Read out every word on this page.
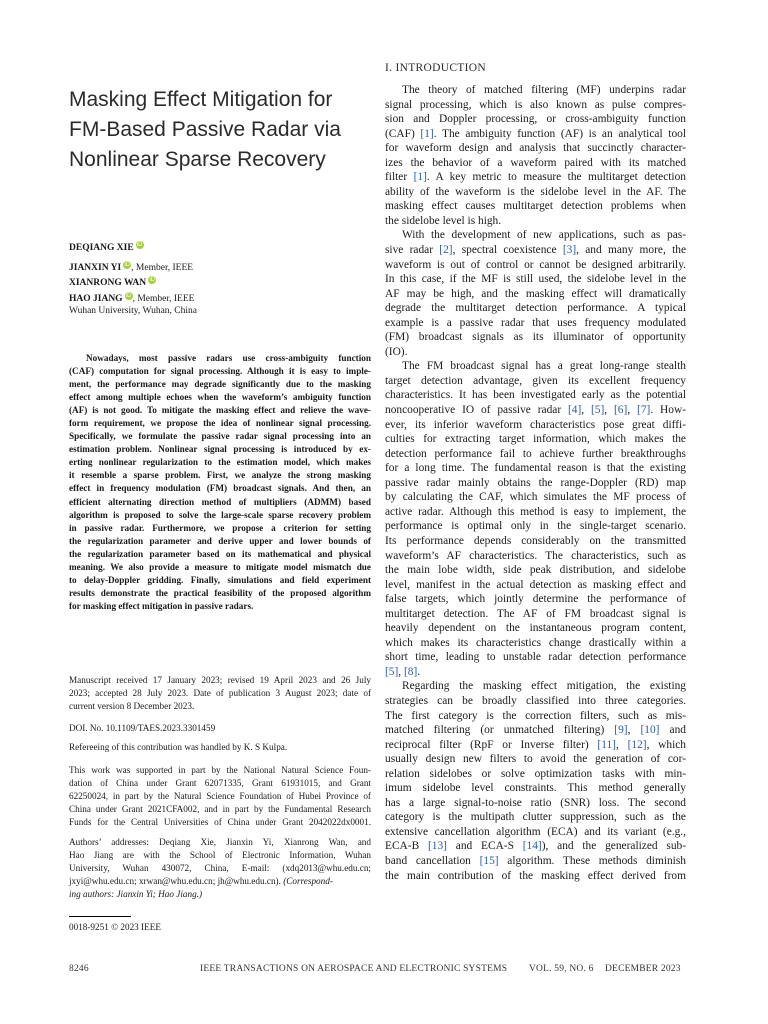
Masking Effect Mitigation for
FM-Based Passive Radar via
Nonlinear Sparse Recovery
DEQIANG XIE iD
JIANXIN YI iD, Member, IEEE
XIANRONG WAN iD
HAO JIANG iD, Member, IEEE
Wuhan University, Wuhan, China
Nowadays, most passive radars use cross-ambiguity function
(CAF) computation for signal processing. Although it is easy to imple-
ment, the performance may degrade significantly due to the masking
effect among multiple echoes when the waveform’s ambiguity function
(AF) is not good. To mitigate the masking effect and relieve the wave-
form requirement, we propose the idea of nonlinear signal processing.
Specifically, we formulate the passive radar signal processing into an
estimation problem. Nonlinear signal processing is introduced by ex-
erting nonlinear regularization to the estimation model, which makes
it resemble a sparse problem. First, we analyze the strong masking
effect in frequency modulation (FM) broadcast signals. And then, an
efficient alternating direction method of multipliers (ADMM) based
algorithm is proposed to solve the large-scale sparse recovery problem
in passive radar. Furthermore, we propose a criterion for setting
the regularization parameter and derive upper and lower bounds of
the regularization parameter based on its mathematical and physical
meaning. We also provide a measure to mitigate model mismatch due
to delay-Doppler gridding. Finally, simulations and field experiment
results demonstrate the practical feasibility of the proposed algorithm
for masking effect mitigation in passive radars.
Manuscript received 17 January 2023; revised 19 April 2023 and 26 July
2023; accepted 28 July 2023. Date of publication 3 August 2023; date of
current version 8 December 2023.
DOI. No. 10.1109/TAES.2023.3301459
Refereeing of this contribution was handled by K. S Kulpa.
This work was supported in part by the National Natural Science Foun-
dation of China under Grant 62071335, Grant 61931015, and Grant
62250024, in part by the Natural Science Foundation of Hubei Province of
China under Grant 2021CFA002, and in part by the Fundamental Research
Funds for the Central Universities of China under Grant 2042022dx0001.
Authors’ addresses: Deqiang Xie, Jianxin Yi, Xianrong Wan, and
Hao Jiang are with the School of Electronic Information, Wuhan
University, Wuhan 430072, China, E-mail: (xdq2013@whu.edu.cn;
jxyi@whu.edu.cn; xrwan@whu.edu.cn; jh@whu.edu.cn). (Correspond-
ing authors: Jianxin Yi; Hao Jiang.)
0018-9251 © 2023 IEEE
I. INTRODUCTION
The theory of matched filtering (MF) underpins radar
signal processing, which is also known as pulse compres-
sion and Doppler processing, or cross-ambiguity function
(CAF) [1]. The ambiguity function (AF) is an analytical tool
for waveform design and analysis that succinctly character-
izes the behavior of a waveform paired with its matched
filter [1]. A key metric to measure the multitarget detection
ability of the waveform is the sidelobe level in the AF. The
masking effect causes multitarget detection problems when
the sidelobe level is high.
With the development of new applications, such as pas-
sive radar [2], spectral coexistence [3], and many more, the
waveform is out of control or cannot be designed arbitrarily.
In this case, if the MF is still used, the sidelobe level in the
AF may be high, and the masking effect will dramatically
degrade the multitarget detection performance. A typical
example is a passive radar that uses frequency modulated
(FM) broadcast signals as its illuminator of opportunity
(IO).
The FM broadcast signal has a great long-range stealth
target detection advantage, given its excellent frequency
characteristics. It has been investigated early as the potential
noncooperative IO of passive radar [4], [5], [6], [7]. How-
ever, its inferior waveform characteristics pose great diffi-
culties for extracting target information, which makes the
detection performance fail to achieve further breakthroughs
for a long time. The fundamental reason is that the existing
passive radar mainly obtains the range-Doppler (RD) map
by calculating the CAF, which simulates the MF process of
active radar. Although this method is easy to implement, the
performance is optimal only in the single-target scenario.
Its performance depends considerably on the transmitted
waveform’s AF characteristics. The characteristics, such as
the main lobe width, side peak distribution, and sidelobe
level, manifest in the actual detection as masking effect and
false targets, which jointly determine the performance of
multitarget detection. The AF of FM broadcast signal is
heavily dependent on the instantaneous program content,
which makes its characteristics change drastically within a
short time, leading to unstable radar detection performance
[5], [8].
Regarding the masking effect mitigation, the existing
strategies can be broadly classified into three categories.
The first category is the correction filters, such as mis-
matched filtering (or unmatched filtering) [9], [10] and
reciprocal filter (RpF or Inverse filter) [11], [12], which
usually design new filters to avoid the generation of cor-
relation sidelobes or solve optimization tasks with min-
imum sidelobe level constraints. This method generally
has a large signal-to-noise ratio (SNR) loss. The second
category is the multipath clutter suppression, such as the
extensive cancellation algorithm (ECA) and its variant (e.g.,
ECA-B [13] and ECA-S [14]), and the generalized sub-
band cancellation [15] algorithm. These methods diminish
the main contribution of the masking effect derived from
8246	IEEE TRANSACTIONS ON AEROSPACE AND ELECTRONIC SYSTEMS VOL. 59, NO. 6 DECEMBER 2023
